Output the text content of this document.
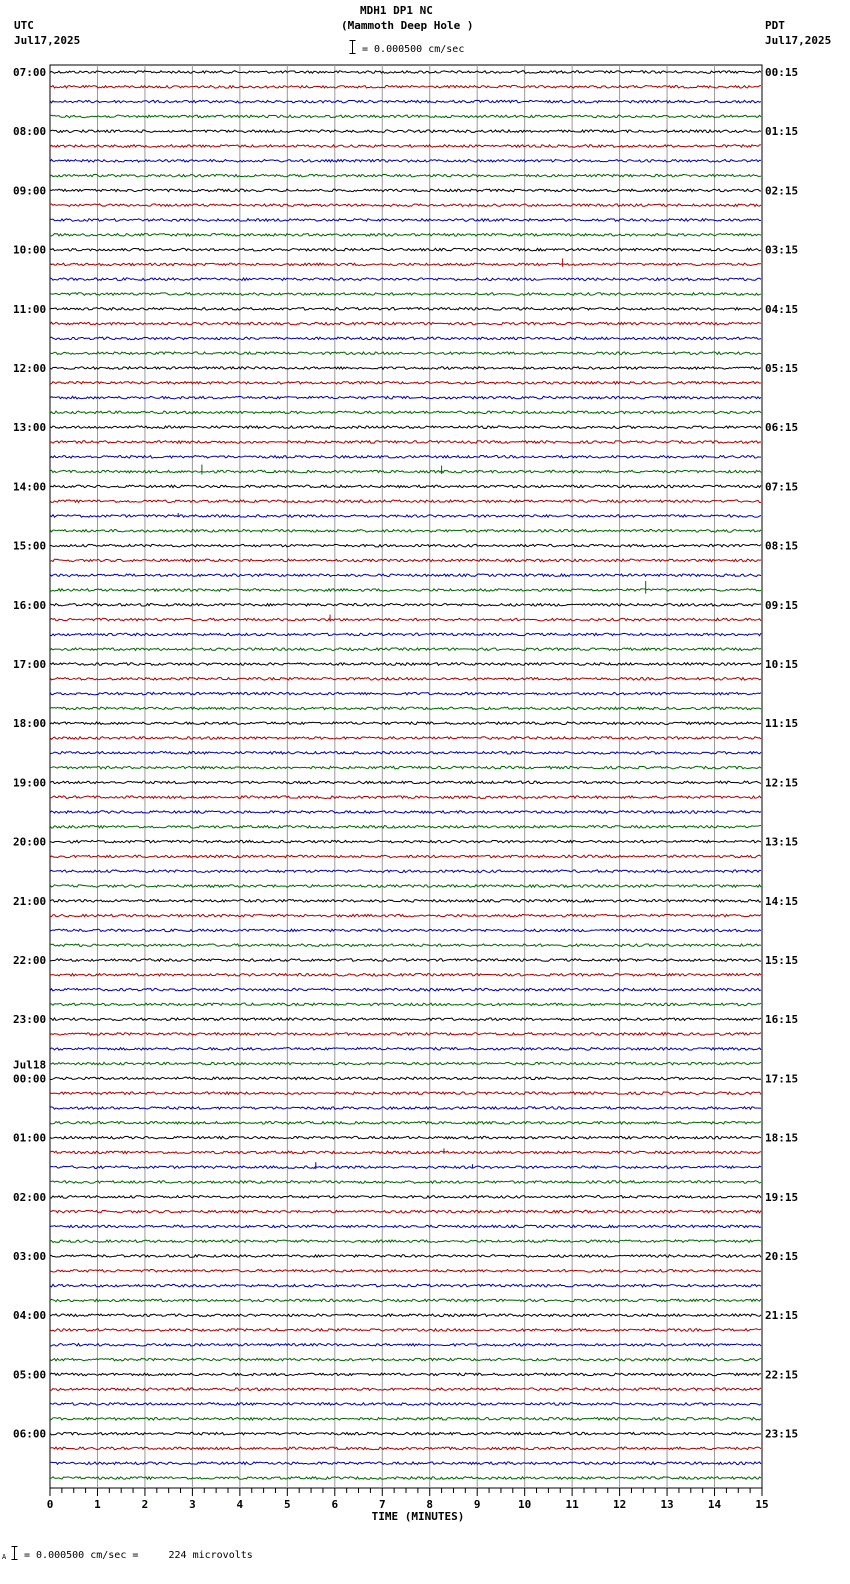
MDH1 DP1 NC
(Mammoth Deep Hole )
= 0.000500 cm/sec
UTC
Jul17,2025
PDT
Jul17,2025
07:00	00:15
08:00	01:15
09:00	02:15
10:00	03:15
11:00	04:15
12:00	05:15
13:00	06:15
14:00	07:15
15:00	08:15
16:00	09:15
17:00	10:15
18:00	11:15
19:00	12:15
20:00	13:15
21:00	14:15
22:00	15:15
23:00	16:15
00:00	17:15
01:00	18:15
02:00	19:15
03:00	20:15
04:00	21:15
05:00	22:15
06:00	23:15
Jul18
0	1	2	3	4	5	6	7	8	9	10	11	12	13	14	15
TIME (MINUTES)
A = 0.000500 cm/sec =     224 microvolts
